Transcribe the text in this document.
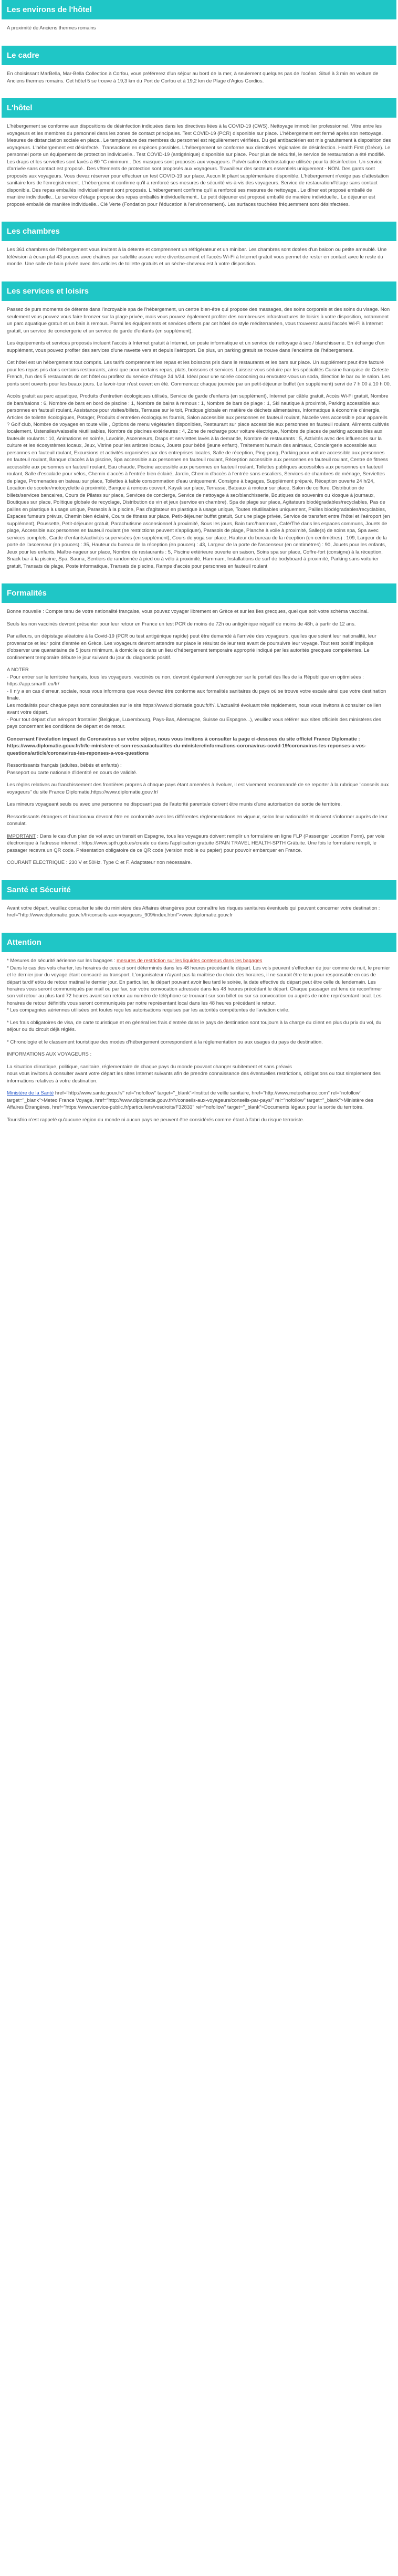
Les environs de l'hôtel

A proximité de Anciens thermes romains

Le cadre

En choisissant MarBella, Mar-Bella Collection à Corfou, vous préférerez d'un séjour au bord de la mer, à seulement quelques pas de l'océan. Situé à 3 min en voiture de Anciens thermes romains. Cet hôtel 5 se trouve à 19,3 km du Port de Corfou et à 19,2 km de Plage d'Agios Gordios.

L'hôtel

L'hébergement se conforme aux dispositions de désinfection indiquées dans les directives liées à la COVID-19 (CWS). Nettoyage immobilier professionnel. Vitre entre les voyageurs et les membres du personnel dans les zones de contact principales. Test COVID-19 (PCR) disponible sur place. L'hébergement est fermé après son nettoyage. Mesures de distanciation sociale en place.. Le température des membres du personnel est régulièrement vérifiées. Du gel antibactérien est mis gratuitement à disposition des voyageurs. L'hébergement est désinfecté.. Transactions en espèces possibles. L'hébergement se conforme aux directives régionales de désinfection. Health First (Grèce). Le personnel porte un équipement de protection individuelle.. Test COVID-19 (antigénique) disponible sur place. Pour plus de sécurité, le service de restauration a été modifié. Les draps et les serviettes sont lavés à 60 °C minimum.. Des masques sont proposés aux voyageurs. Pulvérisation électrostatique utilisée pour la désinfection. Un service d'arrivée sans contact est proposé.. Des vêtements de protection sont proposés aux voyageurs. Travailleur des secteurs essentiels uniquement - NON. Des gants sont proposés aux voyageurs. Vous devez réserver pour effectuer un test COVID-19 sur place. Aucun lit pliant supplémentaire disponible. L'hébergement n'exige pas d'attestation sanitaire lors de l'enregistrement. L'hébergement confirme qu'il a renforcé ses mesures de sécurité vis-à-vis des voyageurs. Service de restauration/l'étage sans contact disponible. Des repas emballés individuellement sont proposés. L'hébergement confirme qu'il a renforcé ses mesures de nettoyage.. Le dîner est proposé emballé de manière individuelle.. Le service d'étage propose des repas emballés individuellement.. Le petit déjeuner est proposé emballé de manière individuelle.. Le déjeuner est proposé emballé de manière individuelle.. Clé Verte (Fondation pour l'éducation à l'environnement). Les surfaces touchées fréquemment sont désinfectées.

Les chambres

Les 361 chambres de l'hébergement vous invitent à la détente et comprennent un réfrigérateur et un minibar. Les chambres sont dotées d'un balcon ou petite ameublé. Une télévision à écran plat 43 pouces avec chaînes par satellite assure votre divertissement et l'accès Wi-Fi à Internet gratuit vous permet de rester en contact avec le reste du monde. Une salle de bain privée avec des articles de toilette gratuits et un sèche-cheveux est à votre disposition.

Les services et loisirs

Passez de purs moments de détente dans l'incroyable spa de l'hébergement, un centre bien-être qui propose des massages, des soins corporels et des soins du visage. Non seulement vous pouvez vous faire bronzer sur la plage privée, mais vous pouvez également profiter des nombreuses infrastructures de loisirs à votre disposition, notamment un parc aquatique gratuit et un bain à remous. Parmi les équipements et services offerts par cet hôtel de style méditerranéen, vous trouverez aussi l'accès Wi-Fi à Internet gratuit, un service de conciergerie et un service de garde d'enfants (en supplément).

Les équipements et services proposés incluent l'accès à Internet gratuit à Internet, un poste informatique et un service de nettoyage à sec / blanchisserie. En échange d'un supplément, vous pouvez profiter des services d'une navette vers et depuis l'aéroport. De plus, un parking gratuit se trouve dans l'enceinte de l'hébergement.

Cet hôtel est un hébergement tout compris. Les tarifs comprennent les repas et les boissons pris dans le restaurants et les bars sur place. Un supplément peut être facturé pour les repas pris dans certains restaurants, ainsi que pour certains repas, plats, boissons et services. Laissez-vous séduire par les spécialités Cuisine française de Celeste French, l'un des 5 restaurants de cet hôtel ou profitez du service d'étage 24 h/24. Idéal pour une soirée cocooning ou envoutez-vous un soda, direction le bar ou le salon. Les ponts sont ouverts pour les beaux jours. Le lavoir-tour n'est ouvert en été. Commencez chaque journée par un petit-déjeuner buffet (en supplément) servi de 7 h 00 à 10 h 00.

Accès gratuit au parc aquatique, Produits d'entretien écologiques utilisés, Service de garde d'enfants (en supplément), Internet par câble gratuit, Accès Wi-Fi gratuit, Nombre de bars/salons : 6, Nombre de bars en bord de piscine : 1, Nombre de bains à remous : 1, Nombre de bars de plage : 1, Ski nautique à proximité, Parking accessible aux personnes en fauteuil roulant, Assistance pour visites/billets, Terrasse sur le toit, Pratique globale en matière de déchets alimentaires, Informatique à économie d'énergie, Articles de toilette écologiques, Potager, Produits d'entretien écologiques fournis, Salon accessible aux personnes en fauteuil roulant, Nacelle vers accessible pour appareils ? Golf club, Nombre de voyages en toute ville , Options de menu végétarien disponibles, Restaurant sur place accessible aux personnes en fauteuil roulant, Aliments cultivés localement, Ustensiles/vaisselle réutilisables, Nombre de piscines extérieures : 4, Zone de recharge pour voiture électrique, Nombre de places de parking accessibles aux fauteuils roulants : 10, Animations en soirée, Lavoirie, Ascenseurs, Draps et serviettes lavés à la demande, Nombre de restaurants : 5, Activités avec des influences sur la culture et les écosystèmes locaux, Jeux, Vitrine pour les artistes locaux, Jouets pour bébé (jeune enfant), Traitement humain des animaux, Conciergerie accessible aux personnes en fauteuil roulant, Excursions et activités organisées par des entreprises locales, Salle de réception, Ping-pong, Parking pour voiture accessible aux personnes en fauteuil roulant, Banque d'accès à la piscine, Spa accessible aux personnes en fauteuil roulant, Réception accessible aux personnes en fauteuil roulant, Centre de fitness accessible aux personnes en fauteuil roulant, Eau chaude, Piscine accessible aux personnes en fauteuil roulant, Toilettes publiques accessibles aux personnes en fauteuil roulant, Salle d'escalade pour vélos, Chemin d'accès à l'entrée bien éclairé, Jardin, Chemin d'accès à l'entrée sans escaliers, Services de chambres de ménage, Serviettes de plage, Promenades en bateau sur place, Toilettes à faible consommation d'eau uniquement, Consigne à bagages, Supplément préparé, Réception ouverte 24 h/24, Location de scooter/motocyclette à proximité, Banque à remous couvert, Kayak sur place, Terrasse, Bateaux à moteur sur place, Salon de coiffure, Distribution de billets/services bancaires, Cours de Pilates sur place, Services de concierge, Service de nettoyage à sec/blanchisserie, Boutiques de souvenirs ou kiosque à journaux, Boutiques sur place, Politique globale de recyclage, Distribution de vin et jeux (service en chambre), Spa de plage sur place, Agitateurs biodégradables/recyclables, Pas de pailles en plastique à usage unique, Parasols à la piscine, Pas d'agitateur en plastique à usage unique, Toutes réutilisables uniquement, Pailles biodégradables/recyclables, Espaces fumeurs prévus, Chemin bien éclairé, Cours de fitness sur place, Petit-déjeuner buffet gratuit, Sur une plage privée, Service de transfert entre l'hôtel et l'aéroport (en supplément), Poussette, Petit-déjeuner gratuit, Parachutisme ascensionnel à proximité, Sous les jours, Bain turc/hammam, Café/Thé dans les espaces communs, Jouets de plage, Accessible aux personnes en fauteuil roulant (ne restrictions peuvent s'appliquer), Parasols de plage, Planche à voile à proximité, Salle(s) de soins spa, Spa avec services complets, Garde d'enfants/activités supervisées (en supplément), Cours de yoga sur place, Hauteur du bureau de la réception (en centimètres) : 109, Largeur de la porte de l'ascenseur (en pouces) : 35, Hauteur du bureau de la réception (en pouces) : 43, Largeur de la porte de l'ascenseur (en centimètres) : 90, Jouets pour les enfants, Jeux pour les enfants, Maître-nageur sur place, Nombre de restaurants : 5, Piscine extérieure ouverte en saison, Soins spa sur place, Coffre-fort (consigne) à la réception, Snack bar à la piscine, Spa, Sauna, Sentiers de randonnée à pied ou à vélo à proximité, Hammam, Installations de surf de bodyboard à proximité, Parking sans voiturier gratuit, Transats de plage, Poste informatique, Transats de piscine, Rampe d'accès pour personnes en fauteuil roulant

Formalités

Bonne nouvelle : Compte tenu de votre nationalité française, vous pouvez voyager librement en Grèce et sur les îles grecques, quel que soit votre schéma vaccinal.

Seuls les non vaccinés devront présenter pour leur retour en France un test PCR de moins de 72h ou antigénique négatif de moins de 48h, à partir de 12 ans.

Par ailleurs, un dépistage aléatoire à la Covid-19 (PCR ou test antigénique rapide) peut être demandé à l'arrivée des voyageurs, quelles que soient leur nationalité, leur provenance et leur point d'entrée en Grèce. Les voyageurs devront attendre sur place le résultat de leur test avant de poursuivre leur voyage. Tout test positif implique d'observer une quarantaine de 5 jours minimum, à domicile ou dans un lieu d'hébergement temporaire approprié indiqué par les autorités grecques compétentes. Le confinement temporaire débute le jour suivant du jour du diagnostic positif.

A NOTER
- Pour entrer sur le territoire français, tous les voyageurs, vaccinés ou non, devront également s'enregistrer sur le portail des îles de la République en optimisées : https://app.smartfl.eu/fr/
- Il n'y a en cas d'erreur, sociale, nous vous informons que vous devrez être conforme aux formalités sanitaires du pays où se trouve votre escale ainsi que votre destination finale.
Les modalités pour chaque pays sont consultables sur le site https://www.diplomatie.gouv.fr/fr/. L'actualité évoluant très rapidement, nous vous invitons à consulter ce lien avant votre départ.
- Pour tout départ d'un aéroport frontalier (Belgique, Luxembourg, Pays-Bas, Allemagne, Suisse ou Espagne...), veuillez vous référer aux sites officiels des ministères des pays concernant les conditions de départ et de retour.

Concernant l'évolution impact du Coronavirus sur votre séjour, nous vous invitons à consulter la page ci-dessous du site officiel France Diplomatie : https://www.diplomatie.gouv.fr/fr/le-ministere-et-son-reseau/actualites-du-ministere/informations-coronavirus-covid-19/coronavirus-les-reponses-a-vos-questions/article/coronavirus-les-reponses-a-vos-questions

Ressortissants français (adultes, bébés et enfants) :
Passeport ou carte nationale d'identité en cours de validité.

Les règles relatives au franchissement des frontières propres à chaque pays étant amenées à évoluer, il est vivement recommandé de se reporter à la rubrique "conseils aux voyageurs" du site France Diplomatie,https://www.diplomatie.gouv.fr/

Les mineurs voyageant seuls ou avec une personne ne disposant pas de l'autorité parentale doivent être munis d'une autorisation de sortie de territoire.

Ressortissants étrangers et binationaux devront être en conformité avec les différentes réglementations en vigueur, selon leur nationalité et doivent s'informer auprès de leur consulat.

IMPORTANT : Dans le cas d'un plan de vol avec un transit en Espagne, tous les voyageurs doivent remplir un formulaire en ligne FLP (Passenger Location Form), par voie électronique à l'adresse internet : https://www.spth.gob.es/create ou dans l'application gratuite SPAIN TRAVEL HEALTH-SPTH Grátuite. Une fois le formulaire rempli, le passager recevra un QR code. Présentation obligatoire de ce QR code (version mobile ou papier) pour pouvoir embarquer en France.

COURANT ELECTRIQUE : 230 V et 50Hz. Type C et F. Adaptateur non nécessaire.

Santé et Sécurité

Avant votre départ, veuillez consulter le site du ministère des Affaires étrangères pour connaître les risques sanitaires éventuels qui peuvent concerner votre destination : href="http://www.diplomatie.gouv.fr/fr/conseils-aux-voyageurs_909/index.html">www.diplomatie.gouv.fr

Attention

* Mesures de sécurité aérienne sur les bagages : mesures de restriction sur les liquides contenus dans les bagages
* Dans le cas des vols charter, les horaires de ceux-ci sont déterminés dans les 48 heures précédant le départ. Les vols peuvent s'effectuer de jour comme de nuit, le premier et le dernier jour du voyage étant consacré au transport. L'organisateur n'ayant pas la maîtrise du choix des horaires, il ne saurait être tenu pour responsable en cas de départ tardif et/ou de retour matinal le dernier jour. En particulier, le départ pouvant avoir lieu tard le soirée, la date effective du départ peut être celle du lendemain. Les horaires vous seront communiqués par mail ou par fax, sur votre convocation adressée dans les 48 heures précédant le départ. Chaque passager est tenu de reconfirmer son vol retour au plus tard 72 heures avant son retour au numéro de téléphone se trouvant sur son billet ou sur sa convocation ou auprès de notre représentant local. Les horaires de retour définitifs vous seront communiqués par notre représentant local dans les 48 heures précédant le retour.
* Les compagnies aériennes utilisées ont toutes reçu les autorisations requises par les autorités compétentes de l'aviation civile.

* Les frais obligatoires de visa, de carte touristique et en général les frais d'entrée dans le pays de destination sont toujours à la charge du client en plus du prix du vol, du séjour ou du circuit déjà réglés.

* Chronologie et le classement touristique des modes d'hébergement correspondent à la réglementation ou aux usages du pays de destination.

INFORMATIONS AUX VOYAGEURS :

La situation climatique, politique, sanitaire, réglementaire de chaque pays du monde pouvant changer subitement et sans préavis
nous vous invitons à consulter avant votre départ les sites Internet suivants afin de prendre connaissance des éventuelles restrictions, obligations ou tout simplement des informations relatives à votre destination.

Ministère de la Santé href="http://www.sante.gouv.fr/" rel="nofollow" target="_blank">Institut de veille sanitaire, href="http://www.meteofrance.com" rel="nofollow" target="_blank">Meteo France Voyage, href="http://www.diplomatie.gouv.fr/fr/conseils-aux-voyageurs/conseils-par-pays/" rel="nofollow" target="_blank">Ministère des Affaires Étrangères, href="https://www.service-public.fr/particuliers/vosdroits/F32833" rel="nofollow" target="_blank">Documents légaux pour la sortie du territoire.

Tourisfrio n'est rappelé qu'aucune région du monde ni aucun pays ne peuvent être considérés comme étant à l'abri du risque terroriste.
